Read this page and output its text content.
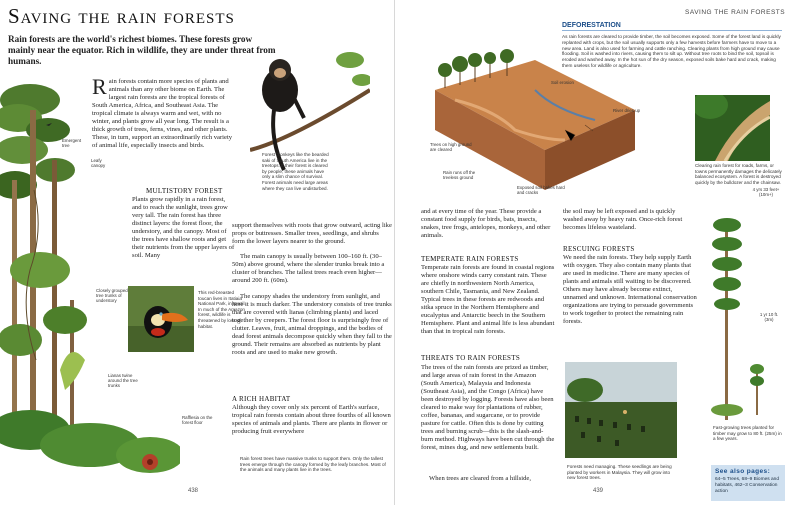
Saving the rain forests
Rain forests are the world's richest biomes. These forests grow mainly near the equator. Rich in wildlife, they are under threat from humans.
Emergent tree
Leafy canopy
Closely grouped tree trunks of understory
Lianas twine around the tree trunks
Rafflesia on the forest floor
Rain forests contain more species of plants and animals than any other biome on Earth. The largest rain forests are the tropical forests of South America, Africa, and Southeast Asia. The tropical climate is always warm and wet, with no winter, and plants grow all year long. The result is a thick growth of trees, ferns, vines, and other plants. These, in turn, support an extraordinarily rich variety of animal life, especially insects and birds.
MULTISTORY FOREST
Plants grow rapidly in a rain forest, and to reach the sunlight, trees grow very tall. The rain forest has three distinct layers: the forest floor, the understory, and the canopy. Most of the trees have shallow roots and get their nutrients from the upper layers of soil. Many
This red-breasted toucan lives in Itatiaia National Park, in Brazil. In much of the Amazon forest, wildlife is threatened by loss of habitat.
Forest monkeys like the bearded saki of South America live in the treetops. If their forest is cleared by people, these animals have only a slim chance of survival. Forest animals need large areas where they can live undisturbed.
support themselves with roots that grow outward, acting like props or buttresses. Smaller trees, seedlings, and shrubs form the lower layers nearer to the ground.
The main canopy is usually between 100–160 ft. (30–50m) above ground, where the slender trunks break into a cluster of branches. The tallest trees reach even higher—around 200 ft. (60m).
The canopy shades the understory from sunlight, and here it is much darker. The understory consists of tree trunks that are covered with lianas (climbing plants) and laced together by creepers. The forest floor is surprisingly free of clutter. Leaves, fruit, animal droppings, and the bodies of dead forest animals decompose quickly when they fall to the ground. Their remains are absorbed as nutrients by plant roots and are used to make new growth.
A RICH HABITAT
Although they cover only six percent of Earth's surface, tropical rain forests contain about three fourths of all known species of animals and plants. There are plants in flower or producing fruit everywhere
Rain forest trees have massive trunks to support them. Only the tallest trees emerge through the canopy formed by the leafy branches. Most of the animals and many plants live in the trees.
438
SAVING THE RAIN FORESTS
DEFORESTATION
As rain forests are cleared to provide timber, the soil becomes exposed. Some of the forest land is quickly replanted with crops, but the soil usually supports only a few harvests before farmers have to move to a new area. Land is also used for farming and cattle ranching. Clearing plants from high ground may cause flooding. Soil is washed into rivers, causing them to silt up. Without tree roots to bind the soil, topsoil is eroded and washed away. In the hot sun of the dry season, exposed soils bake hard and crack, making them useless for wildlife or agriculture.
Soil erosion
River dries up
Trees on high ground are cleared
Rain runs off the treeless ground
Exposed soil bakes hard and cracks
Clearing rain forest for roads, farms, or towns permanently damages the delicately balanced ecosystem. A forest is destroyed quickly by the bulldozer and the chainsaw.
and at every time of the year. These provide a constant food supply for birds, bats, insects, snakes, tree frogs, antelopes, monkeys, and other animals.
TEMPERATE RAIN FORESTS
Temperate rain forests are found in coastal regions where onshore winds carry constant rain. These are chiefly in northwestern North America, southern Chile, Tasmania, and New Zealand. Typical trees in these forests are redwoods and sitka spruce in the Northern Hemisphere and eucalyptus and Antarctic beech in the Southern Hemisphere. Plant and animal life is less abundant than that in tropical rain forests.
THREATS TO RAIN FORESTS
The trees of the rain forests are prized as timber, and large areas of rain forest in the Amazon (South America), Malaysia and Indonesia (Southeast Asia), and the Congo (Africa) have been destroyed by logging. Forests have also been cleared to make way for plantations of rubber, coffee, bananas, and sugarcane, or to provide pasture for cattle. Often this is done by cutting trees and burning scrub—this is the slash-and-burn method. Highways have been cut through the forest, mines dug, and new settlements built.
When trees are cleared from a hillside,
the soil may be left exposed and is quickly washed away by heavy rain. Once-rich forest becomes lifeless wasteland.
RESCUING FORESTS
We need the rain forests. They help supply Earth with oxygen. They also contain many plants that are used in medicine. There are many species of plants and animals still waiting to be discovered. Others may have already become extinct, unnamed and unknown. International conservation organizations are trying to persuade governments to work together to protect the remaining rain forests.
Forests need managing. These seedlings are being planted by workers in Malaysia. They will grow into new forest trees.
4 yrs 33 feet+ (10m+)
1 yr 10 ft. (3m)
Fast-growing trees planted for timber may grow to 80 ft. (25m) in a few years.
See also pages:
64–5 Trees, 68–9 Biomes and habitats, 462–3 Conservation action
439
